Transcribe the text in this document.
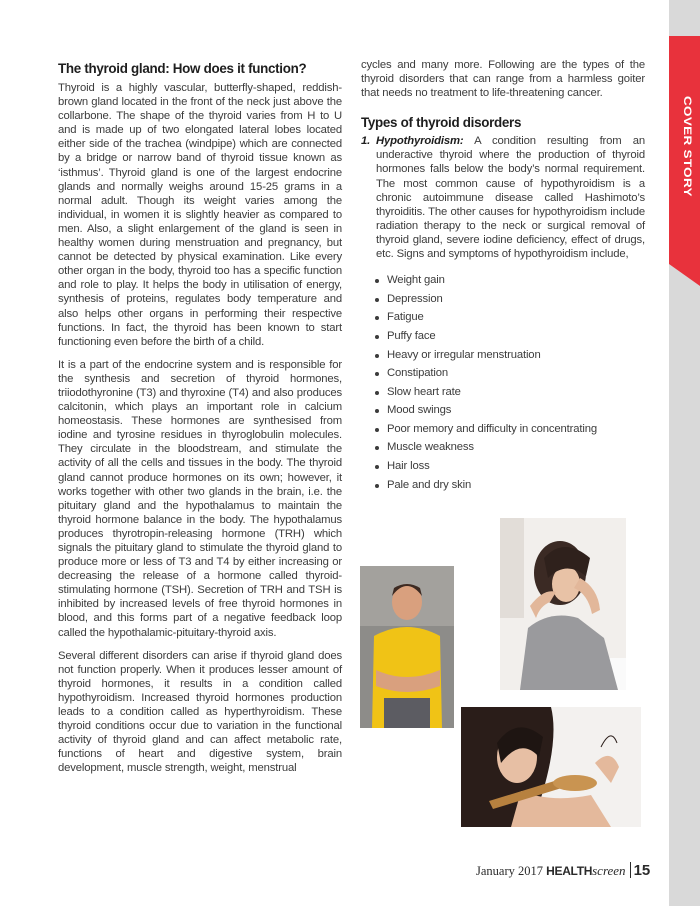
COVER STORY
The thyroid gland: How does it function?

Thyroid is a highly vascular, butterfly-shaped, reddish-brown gland located in the front of the neck just above the collarbone. The shape of the thyroid varies from H to U and is made up of two elongated lateral lobes located either side of the trachea (windpipe) which are connected by a bridge or narrow band of thyroid tissue known as ‘isthmus’. Thyroid gland is one of the largest endocrine glands and normally weighs around 15-25 grams in a normal adult. Though its weight varies among the individual, in women it is slightly heavier as compared to men. Also, a slight enlargement of the gland is seen in healthy women during menstruation and pregnancy, but cannot be detected by physical examination. Like every other organ in the body, thyroid too has a specific function and role to play. It helps the body in utilisation of energy, synthesis of proteins, regulates body temperature and also helps other organs in performing their respective functions. In fact, the thyroid has been known to start functioning even before the birth of a child.

It is a part of the endocrine system and is responsible for the synthesis and secretion of thyroid hormones, triiodothyronine (T3) and thyroxine (T4) and also produces calcitonin, which plays an important role in calcium homeostasis. These hormones are synthesised from iodine and tyrosine residues in thyroglobulin molecules. They circulate in the bloodstream, and stimulate the activity of all the cells and tissues in the body. The thyroid gland cannot produce hormones on its own; however, it works together with other two glands in the brain, i.e. the pituitary gland and the hypothalamus to maintain the thyroid hormone balance in the body. The hypothalamus produces thyrotropin-releasing hormone (TRH) which signals the pituitary gland to stimulate the thyroid gland to produce more or less of T3 and T4 by either increasing or decreasing the release of a hormone called thyroid-stimulating hormone (TSH). Secretion of TRH and TSH is inhibited by increased levels of free thyroid hormones in blood, and this forms part of a negative feedback loop called the hypothalamic-pituitary-thyroid axis.

Several different disorders can arise if thyroid gland does not function properly. When it produces lesser amount of thyroid hormones, it results in a condition called hypothyroidism. Increased thyroid hormones production leads to a condition called as hyperthyroidism. These thyroid conditions occur due to variation in the functional activity of thyroid gland and can affect metabolic rate, functions of heart and digestive system, brain development, muscle strength, weight, menstrual

cycles and many more. Following are the types of the thyroid disorders that can range from a harmless goiter that needs no treatment to life-threatening cancer.

Types of thyroid disorders
1. Hypothyroidism: A condition resulting from an underactive thyroid where the production of thyroid hormones falls below the body’s normal requirement. The most common cause of hypothyroidism is a chronic autoimmune disease called Hashimoto’s thyroiditis. The other causes for hypothyroidism include radiation therapy to the neck or surgical removal of thyroid gland, severe iodine deficiency, effect of drugs, etc. Signs and symptoms of hypothyroidism include,
Weight gain
Depression
Fatigue
Puffy face
Heavy or irregular menstruation
Constipation
Slow heart rate
Mood swings
Poor memory and difficulty in concentrating
Muscle weakness
Hair loss
Pale and dry skin
January 2017 HEALTHscreen 15
